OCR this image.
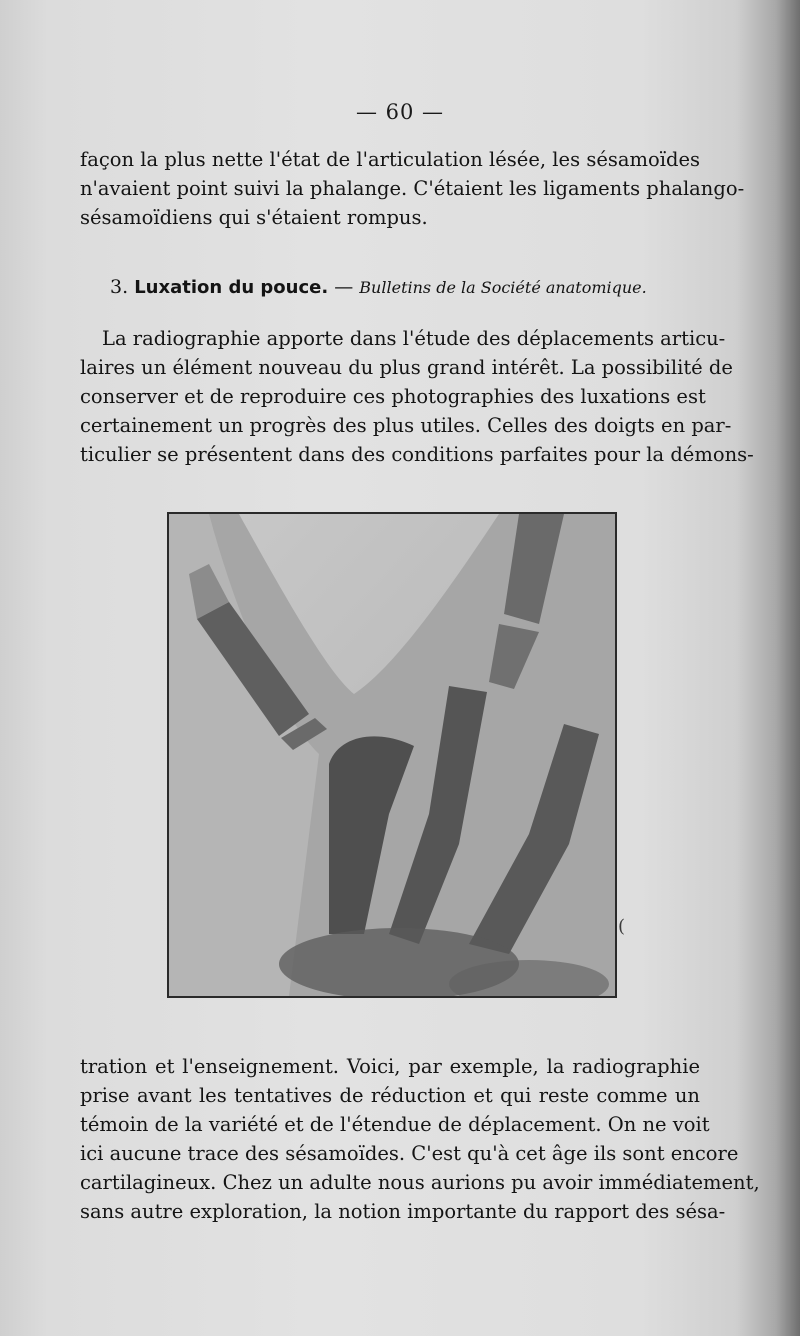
— 60 —

façon la plus nette l'état de l'articulation lésée, les sésamoïdes
n'avaient point suivi la phalange. C'étaient les ligaments phalango-
sésamoïdiens qui s'étaient rompus.

3. Luxation du pouce. — Bulletins de la Société anatomique.

La radiographie apporte dans l'étude des déplacements articu-
laires un élément nouveau du plus grand intérêt. La possibilité de
conserver et de reproduire ces photographies des luxations est
certainement un progrès des plus utiles. Celles des doigts en par-
ticulier se présentent dans des conditions parfaites pour la démons-

(

tration et l'enseignement. Voici, par exemple, la radiographie
prise avant les tentatives de réduction et qui reste comme un
témoin de la variété et de l'étendue de déplacement. On ne voit
ici aucune trace des sésamoïdes. C'est qu'à cet âge ils sont encore
cartilagineux. Chez un adulte nous aurions pu avoir immédiatement,
sans autre exploration, la notion importante du rapport des sésa-
